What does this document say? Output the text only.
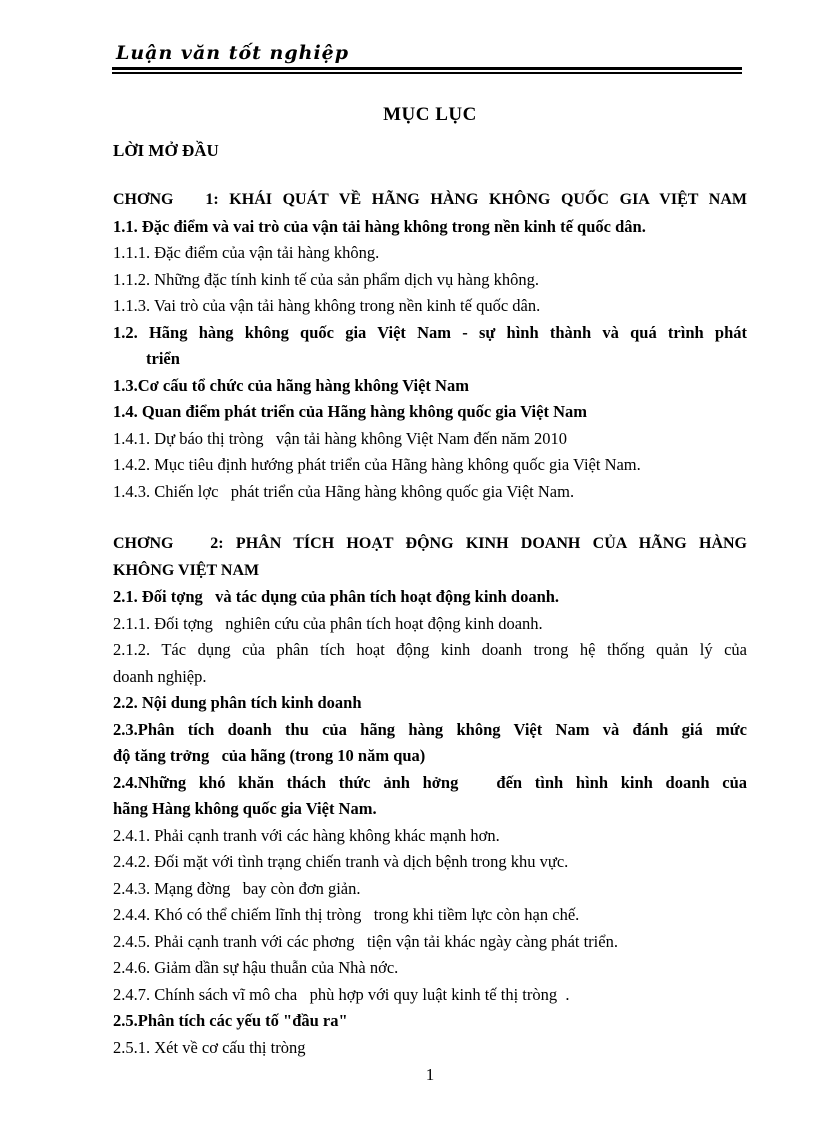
Luận văn tốt nghiệp
MỤC LỤC
LỜI MỞ ĐẦU
CHƠNG   1: KHÁI QUÁT VỀ HÃNG HÀNG KHÔNG QUỐC GIA VIỆT NAM
1.1. Đặc điểm và vai trò của vận tải hàng không trong nền kinh tế quốc dân.
1.1.1. Đặc điểm của vận tải hàng không.
1.1.2. Những đặc tính kinh tế của sản phẩm dịch vụ hàng không.
1.1.3. Vai trò của vận tải hàng không trong nền kinh tế quốc dân.
1.2. Hãng hàng không quốc gia Việt Nam - sự hình thành và quá trình phát
triển
1.3.Cơ cấu tổ chức của hãng hàng không Việt Nam
1.4. Quan điểm phát triển của Hãng hàng không quốc gia Việt Nam
1.4.1. Dự báo thị tròng   vận tải hàng không Việt Nam đến năm 2010
1.4.2. Mục tiêu định hướng phát triển của Hãng hàng không quốc gia Việt Nam.
1.4.3. Chiến lợc   phát triển của Hãng hàng không quốc gia Việt Nam.
CHƠNG   2: PHÂN TÍCH HOẠT ĐỘNG KINH DOANH CỦA HÃNG HÀNG
KHÔNG VIỆT NAM
2.1. Đối tợng   và tác dụng của phân tích hoạt động kinh doanh.
2.1.1. Đối tợng   nghiên cứu của phân tích hoạt động kinh doanh.
2.1.2. Tác dụng của phân tích hoạt động kinh doanh trong hệ thống quản lý của
doanh nghiệp.
2.2. Nội dung phân tích kinh doanh
2.3.Phân tích doanh thu của hãng hàng không Việt Nam và đánh giá mức
độ tăng trởng   của hãng (trong 10 năm qua)
2.4.Những khó khăn thách thức ảnh hởng   đến tình hình kinh doanh của
hãng Hàng không quốc gia Việt Nam.
2.4.1. Phải cạnh tranh với các hàng không khác mạnh hơn.
2.4.2. Đối mặt với tình trạng chiến tranh và dịch bệnh trong khu vực.
2.4.3. Mạng đờng   bay còn đơn giản.
2.4.4. Khó có thể chiếm lĩnh thị tròng   trong khi tiềm lực còn hạn chế.
2.4.5. Phải cạnh tranh với các phơng   tiện vận tải khác ngày càng phát triển.
2.4.6. Giảm dần sự hậu thuẫn của Nhà nớc.
2.4.7. Chính sách vĩ mô cha   phù hợp với quy luật kinh tế thị tròng  .
2.5.Phân tích các yếu tố "đầu ra"
2.5.1. Xét về cơ cấu thị tròng
1
